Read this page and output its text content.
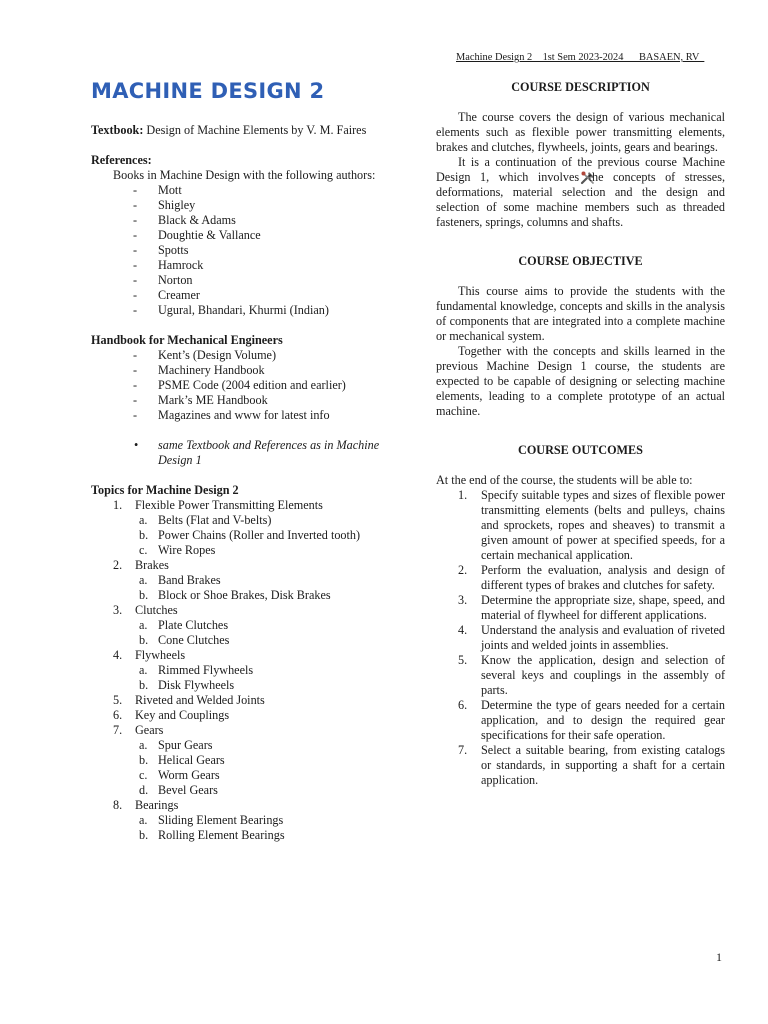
Machine Design 2    1st Sem 2023-2024      BASAEN, RV
MACHINE DESIGN 2

Textbook: Design of Machine Elements by V. M. Faires

References:

Books in Machine Design with the following authors:

- Mott
- Shigley
- Black & Adams
- Doughtie & Vallance
- Spotts
- Hamrock
- Norton
- Creamer
- Ugural, Bhandari, Khurmi (Indian)

Handbook for Mechanical Engineers

- Kent’s (Design Volume)
- Machinery Handbook
- PSME Code (2004 edition and earlier)
- Mark’s ME Handbook
- Magazines and www for latest info
• same Textbook and References as in Machine Design 1

Topics for Machine Design 2

1. Flexible Power Transmitting Elements
a. Belts (Flat and V-belts)
b. Power Chains (Roller and Inverted tooth)
c. Wire Ropes
2. Brakes
a. Band Brakes
b. Block or Shoe Brakes, Disk Brakes
3. Clutches
a. Plate Clutches
b. Cone Clutches
4. Flywheels
a. Rimmed Flywheels
b. Disk Flywheels
5. Riveted and Welded Joints
6. Key and Couplings
7. Gears
a. Spur Gears
b. Helical Gears
c. Worm Gears
d. Bevel Gears
8. Bearings
a. Sliding Element Bearings
b. Rolling Element Bearings

COURSE DESCRIPTION

The course covers the design of various mechanical elements such as flexible power transmitting elements, brakes and clutches, flywheels, joints, gears and bearings.

It is a continuation of the previous course Machine Design 1, which involves the concepts of stresses, deformations, material selection and the design and selection of some machine members such as threaded fasteners, springs, columns and shafts.

COURSE OBJECTIVE

This course aims to provide the students with the fundamental knowledge, concepts and skills in the analysis of components that are integrated into a complete machine or mechanical system.

Together with the concepts and skills learned in the previous Machine Design 1 course, the students are expected to be capable of designing or selecting machine elements, leading to a complete prototype of an actual machine.

COURSE OUTCOMES

At the end of the course, the students will be able to:

1. Specify suitable types and sizes of flexible power transmitting elements (belts and pulleys, chains and sprockets, ropes and sheaves) to transmit a given amount of power at specified speeds, for a certain mechanical application.
2. Perform the evaluation, analysis and design of different types of brakes and clutches for safety.
3. Determine the appropriate size, shape, speed, and material of flywheel for different applications.
4. Understand the analysis and evaluation of riveted joints and welded joints in assemblies.
5. Know the application, design and selection of several keys and couplings in the assembly of parts.
6. Determine the type of gears needed for a certain application, and to design the required gear specifications for their safe operation.
7. Select a suitable bearing, from existing catalogs or standards, in supporting a shaft for a certain application.
1
